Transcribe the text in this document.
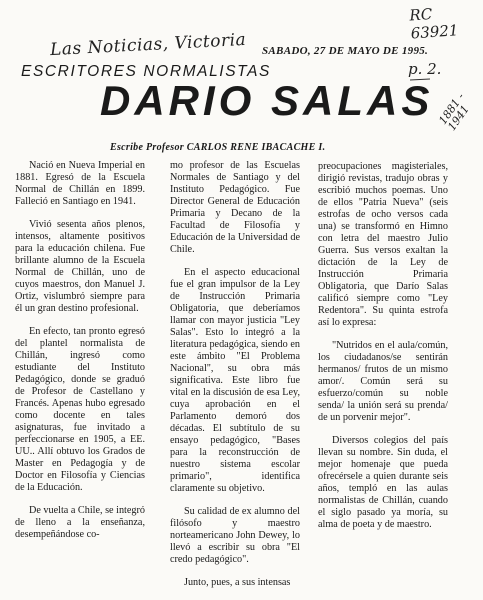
RC 63921
Las Noticias, Victoria
p. 2.
1881 - 1941
SABADO, 27 DE MAYO DE 1995.
ESCRITORES NORMALISTAS
DARIO SALAS
Escribe Profesor CARLOS RENE IBACACHE I.

Nació en Nueva Imperial en 1881. Egresó de la Escuela Normal de Chillán en 1899. Falleció en Santiago en 1941.

Vivió sesenta años plenos, intensos, altamente positivos para la educación chilena. Fue brillante alumno de la Escuela Normal de Chillán, uno de cuyos maestros, don Manuel J. Ortiz, vislumbró siempre para él un gran destino profesional.

En efecto, tan pronto egresó del plantel normalista de Chillán, ingresó como estudiante del Instituto Pedagógico, donde se graduó de Profesor de Castellano y Francés. Apenas hubo egresado como docente en tales asignaturas, fue invitado a perfeccionarse en 1905, a EE. UU.. Allí obtuvo los Grados de Master en Pedagogía y de Doctor en Filosofía y Ciencias de la Educación.

De vuelta a Chile, se integró de lleno a la enseñanza, desempeñándose co-

mo profesor de las Escuelas Normales de Santiago y del Instituto Pedagógico. Fue Director General de Educación Primaria y Decano de la Facultad de Filosofía y Educación de la Universidad de Chile.

En el aspecto educacional fue el gran impulsor de la Ley de Instrucción Primaria Obligatoria, que deberíamos llamar con mayor justicia "Ley Salas". Esto lo integró a la literatura pedagógica, siendo en este ámbito "El Problema Nacional", su obra más significativa. Este libro fue vital en la discusión de esa Ley, cuya aprobación en el Parlamento demoró dos décadas. El subtítulo de su ensayo pedagógico, "Bases para la reconstrucción de nuestro sistema escolar primario", identifica claramente su objetivo.

Su calidad de ex alumno del filósofo y maestro norteamericano John Dewey, lo llevó a escribir su obra "El credo pedagógico".

Junto, pues, a sus intensas

preocupaciones magisteriales, dirigió revistas, tradujo obras y escribió muchos poemas. Uno de ellos "Patria Nueva" (seis estrofas de ocho versos cada una) se transformó en Himno con letra del maestro Julio Guerra. Sus versos exaltan la dictación de la Ley de Instrucción Primaria Obligatoria, que Darío Salas calificó siempre como "Ley Redentora". Su quinta estrofa así lo expresa:

"Nutridos en el aula/común, los ciudadanos/se sentirán hermanos/ frutos de un mismo amor/. Común será su esfuerzo/común su noble senda/ la unión será su prenda/ de un porvenir mejor".

Diversos colegios del país llevan su nombre. Sin duda, el mejor homenaje que pueda ofrecérsele a quien durante seis años, templó en las aulas normalistas de Chillán, cuando el siglo pasado ya moría, su alma de poeta y de maestro.
